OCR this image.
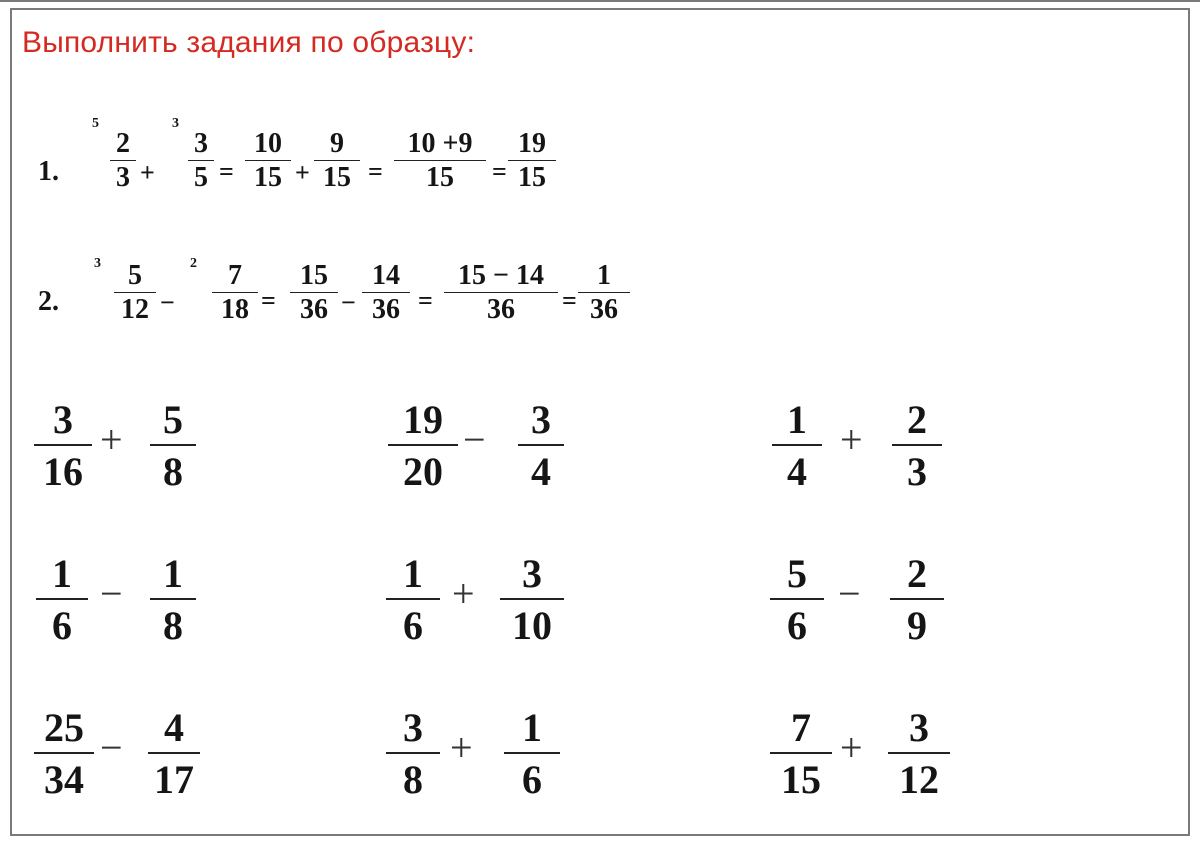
Выполнить задания по образцу:
1.
5	3
2
3 +
3
5 =
10
15 +
9
15 =
10 +9
15 =
19
15
2.
3	2
5
12 −
7
18 =
15
36 −
14
36 =
15 − 14
36 =
1
36
3
16
+ 5
8
19
20
− 3
4
1
4
+ 2
3
1
6
− 1
8
1
6
+ 3
10
5
6
− 2
9
25
34
− 4
17
3
8
+ 1
6
7
15
+ 3
12
